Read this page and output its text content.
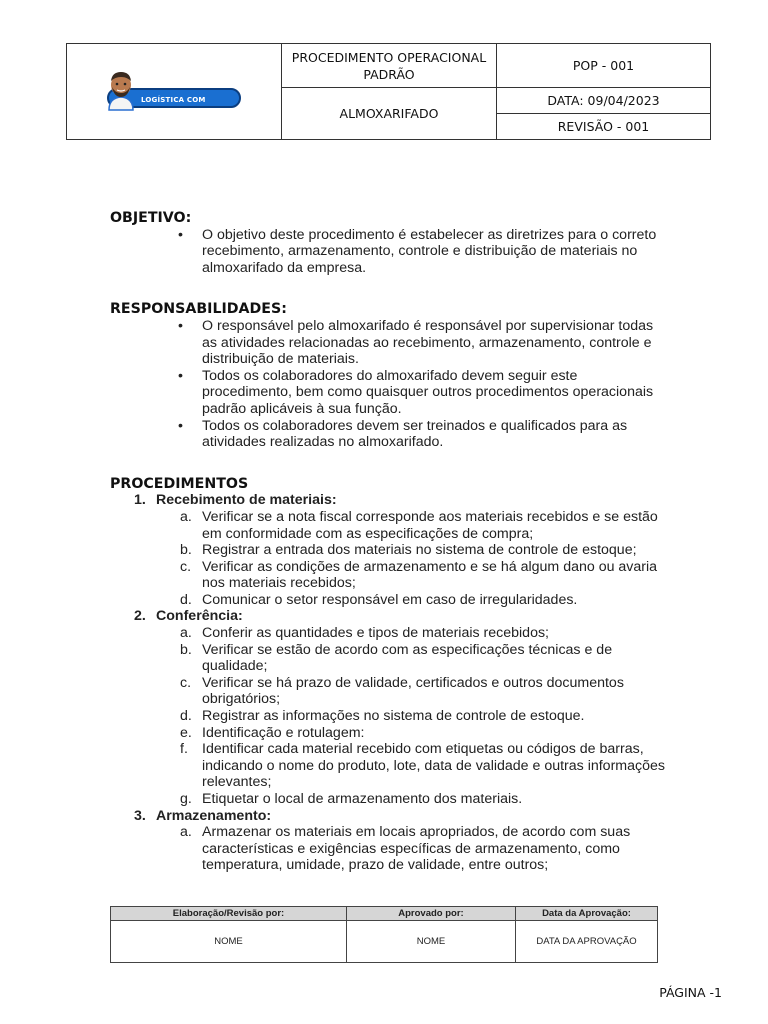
LOGÍSTICA COM FERREIRA	PROCEDIMENTO OPERACIONAL PADRÃO	POP - 001
	ALMOXARIFADO	DATA: 09/04/2023
		REVISÃO - 001
OBJETIVO:
• O objetivo deste procedimento é estabelecer as diretrizes para o correto recebimento, armazenamento, controle e distribuição de materiais no almoxarifado da empresa.
RESPONSABILIDADES:
• O responsável pelo almoxarifado é responsável por supervisionar todas as atividades relacionadas ao recebimento, armazenamento, controle e distribuição de materiais.
• Todos os colaboradores do almoxarifado devem seguir este procedimento, bem como quaisquer outros procedimentos operacionais padrão aplicáveis à sua função.
• Todos os colaboradores devem ser treinados e qualificados para as atividades realizadas no almoxarifado.
PROCEDIMENTOS
1. Recebimento de materiais:
a. Verificar se a nota fiscal corresponde aos materiais recebidos e se estão em conformidade com as especificações de compra;
b. Registrar a entrada dos materiais no sistema de controle de estoque;
c. Verificar as condições de armazenamento e se há algum dano ou avaria nos materiais recebidos;
d. Comunicar o setor responsável em caso de irregularidades.
2. Conferência:
a. Conferir as quantidades e tipos de materiais recebidos;
b. Verificar se estão de acordo com as especificações técnicas e de qualidade;
c. Verificar se há prazo de validade, certificados e outros documentos obrigatórios;
d. Registrar as informações no sistema de controle de estoque.
e. Identificação e rotulagem:
f. Identificar cada material recebido com etiquetas ou códigos de barras, indicando o nome do produto, lote, data de validade e outras informações relevantes;
g. Etiquetar o local de armazenamento dos materiais.
3. Armazenamento:
a. Armazenar os materiais em locais apropriados, de acordo com suas características e exigências específicas de armazenamento, como temperatura, umidade, prazo de validade, entre outros;
Elaboração/Revisão por:	Aprovado por:	Data da Aprovação:
NOME	NOME	DATA DA APROVAÇÃO
PÁGINA -1
